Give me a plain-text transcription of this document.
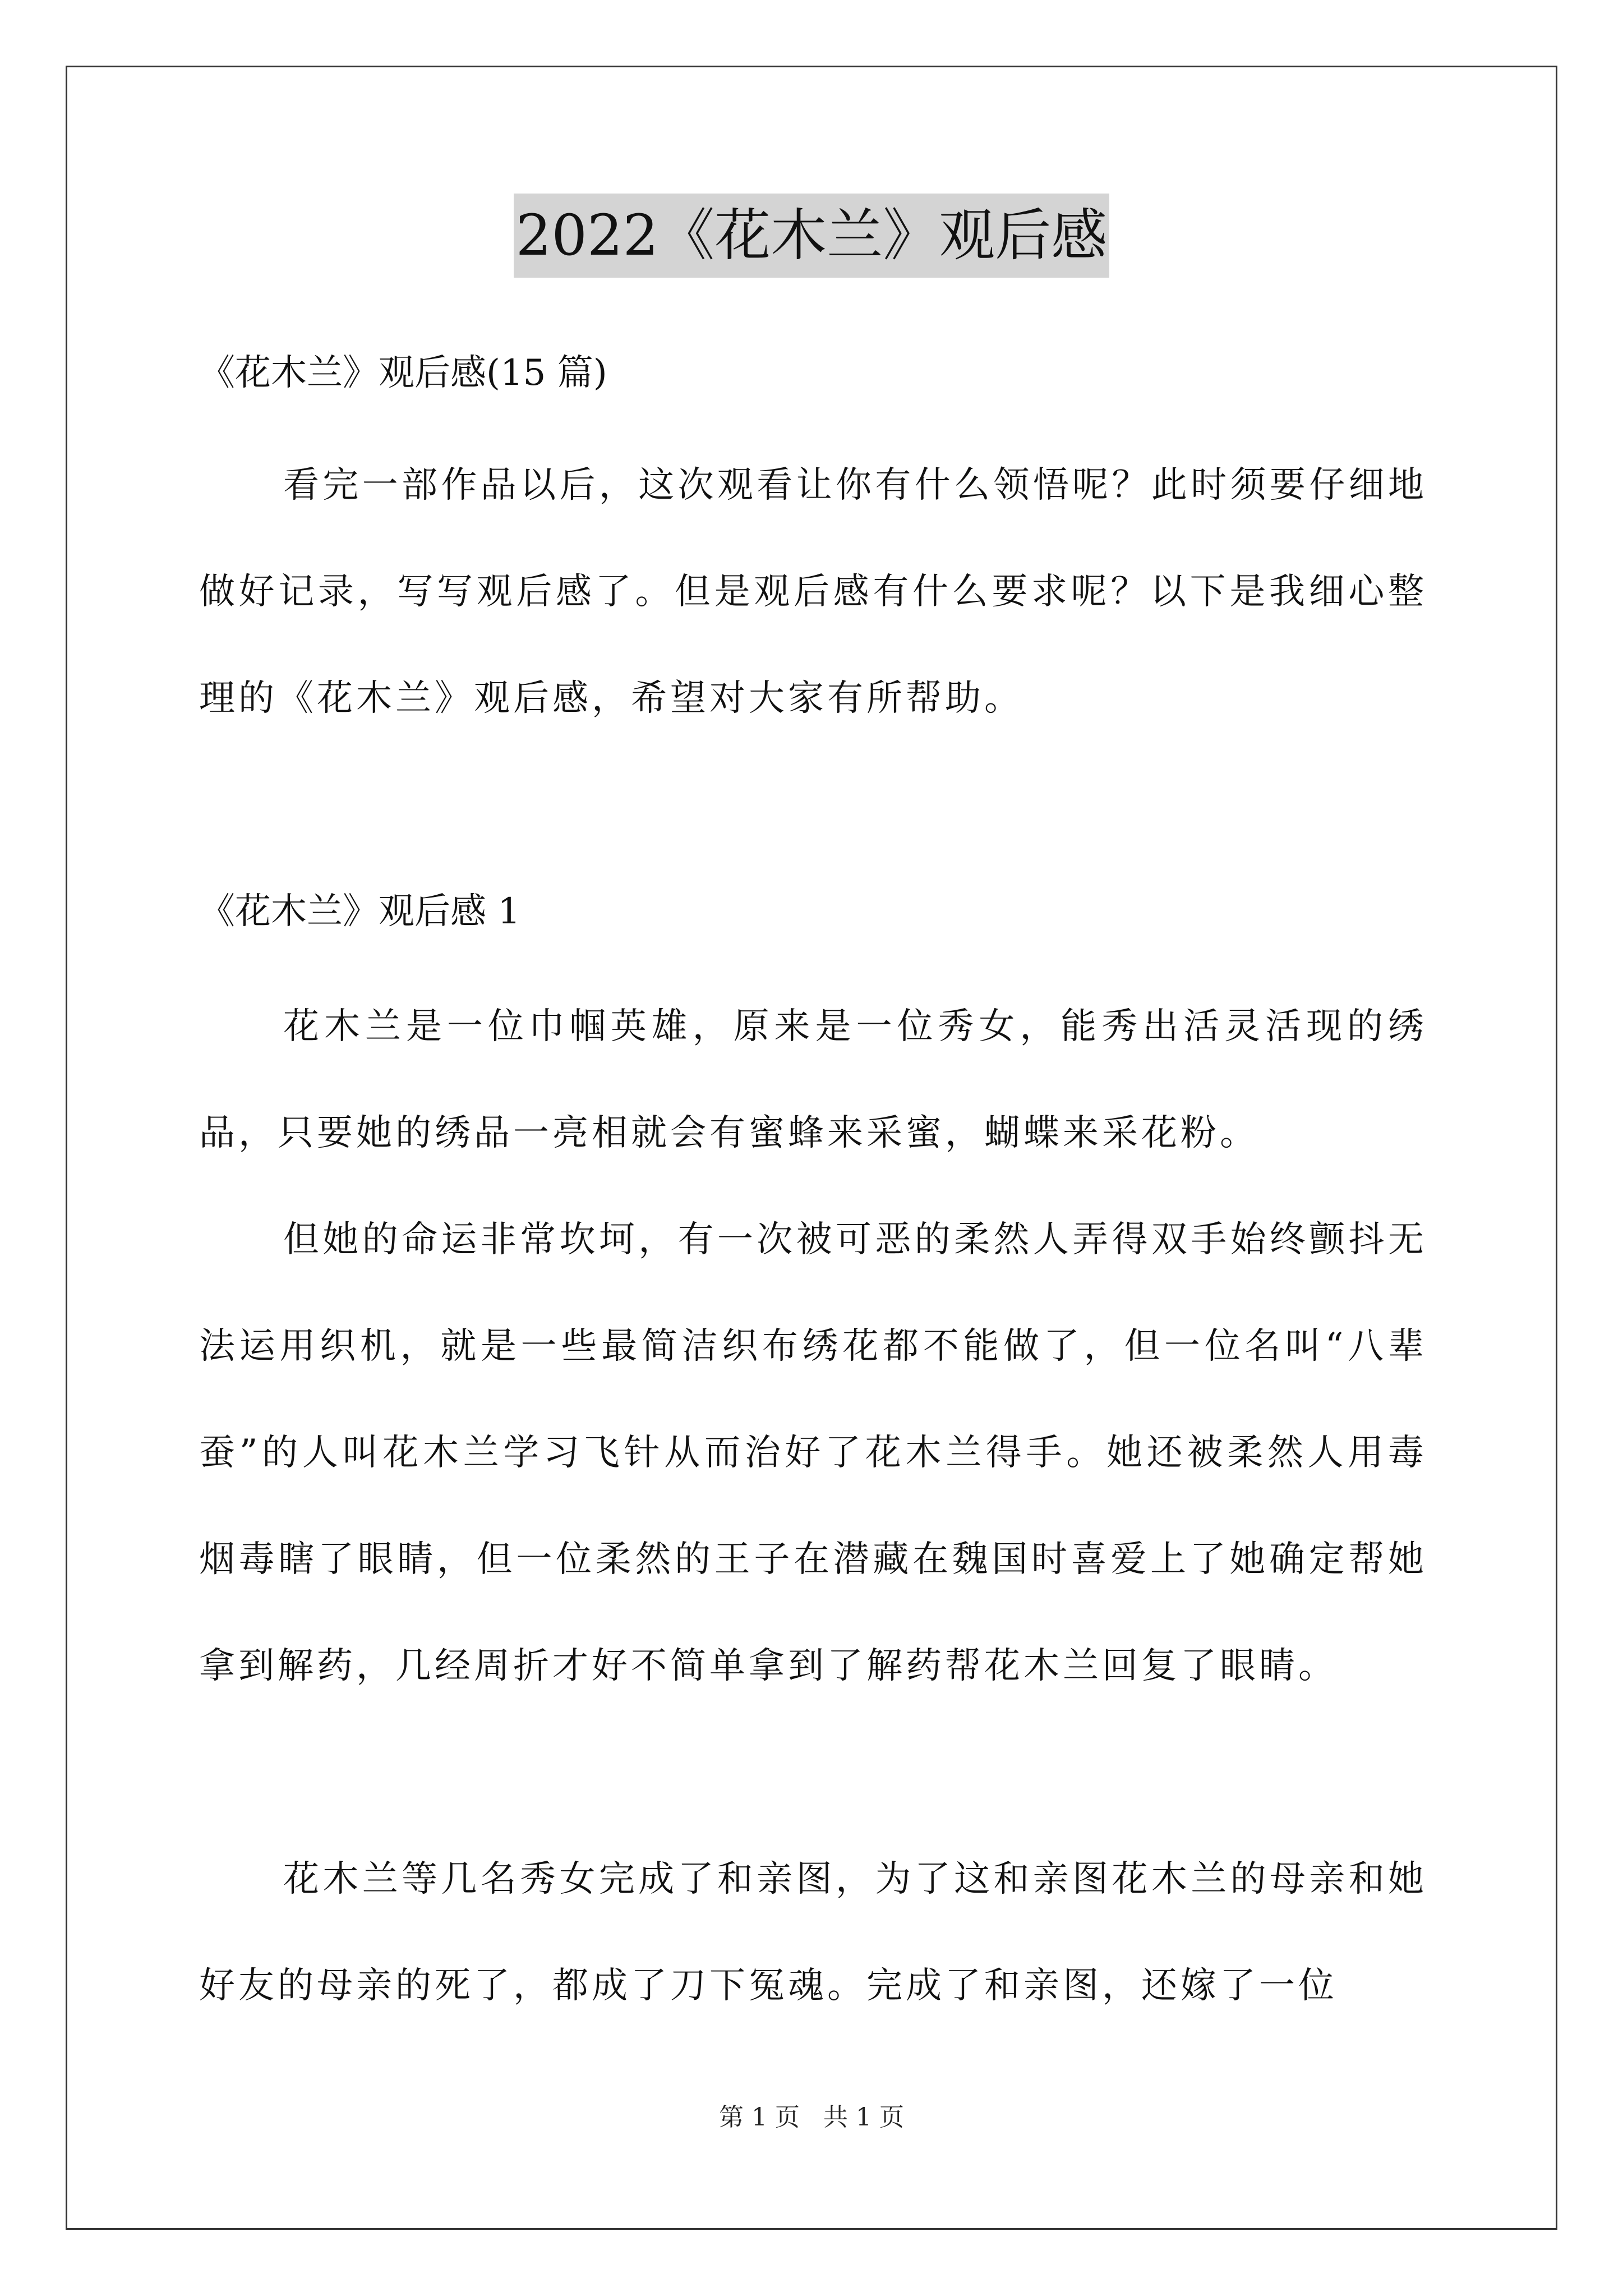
2022《花木兰》观后感
《花木兰》观后感(15 篇)

看完一部作品以后，这次观看让你有什么领悟呢？此时须要仔细地做好记录，写写观后感了。但是观后感有什么要求呢？以下是我细心整理的《花木兰》观后感，希望对大家有所帮助。

《花木兰》观后感 1

花木兰是一位巾帼英雄，原来是一位秀女，能秀出活灵活现的绣品，只要她的绣品一亮相就会有蜜蜂来采蜜，蝴蝶来采花粉。

但她的命运非常坎坷，有一次被可恶的柔然人弄得双手始终颤抖无法运用织机，就是一些最简洁织布绣花都不能做了，但一位名叫“八辈蚕”的人叫花木兰学习飞针从而治好了花木兰得手。她还被柔然人用毒烟毒瞎了眼睛，但一位柔然的王子在潜藏在魏国时喜爱上了她确定帮她拿到解药，几经周折才好不简单拿到了解药帮花木兰回复了眼睛。

花木兰等几名秀女完成了和亲图，为了这和亲图花木兰的母亲和她好友的母亲的死了，都成了刀下冤魂。完成了和亲图，还嫁了一位

第 1 页   共 1 页
